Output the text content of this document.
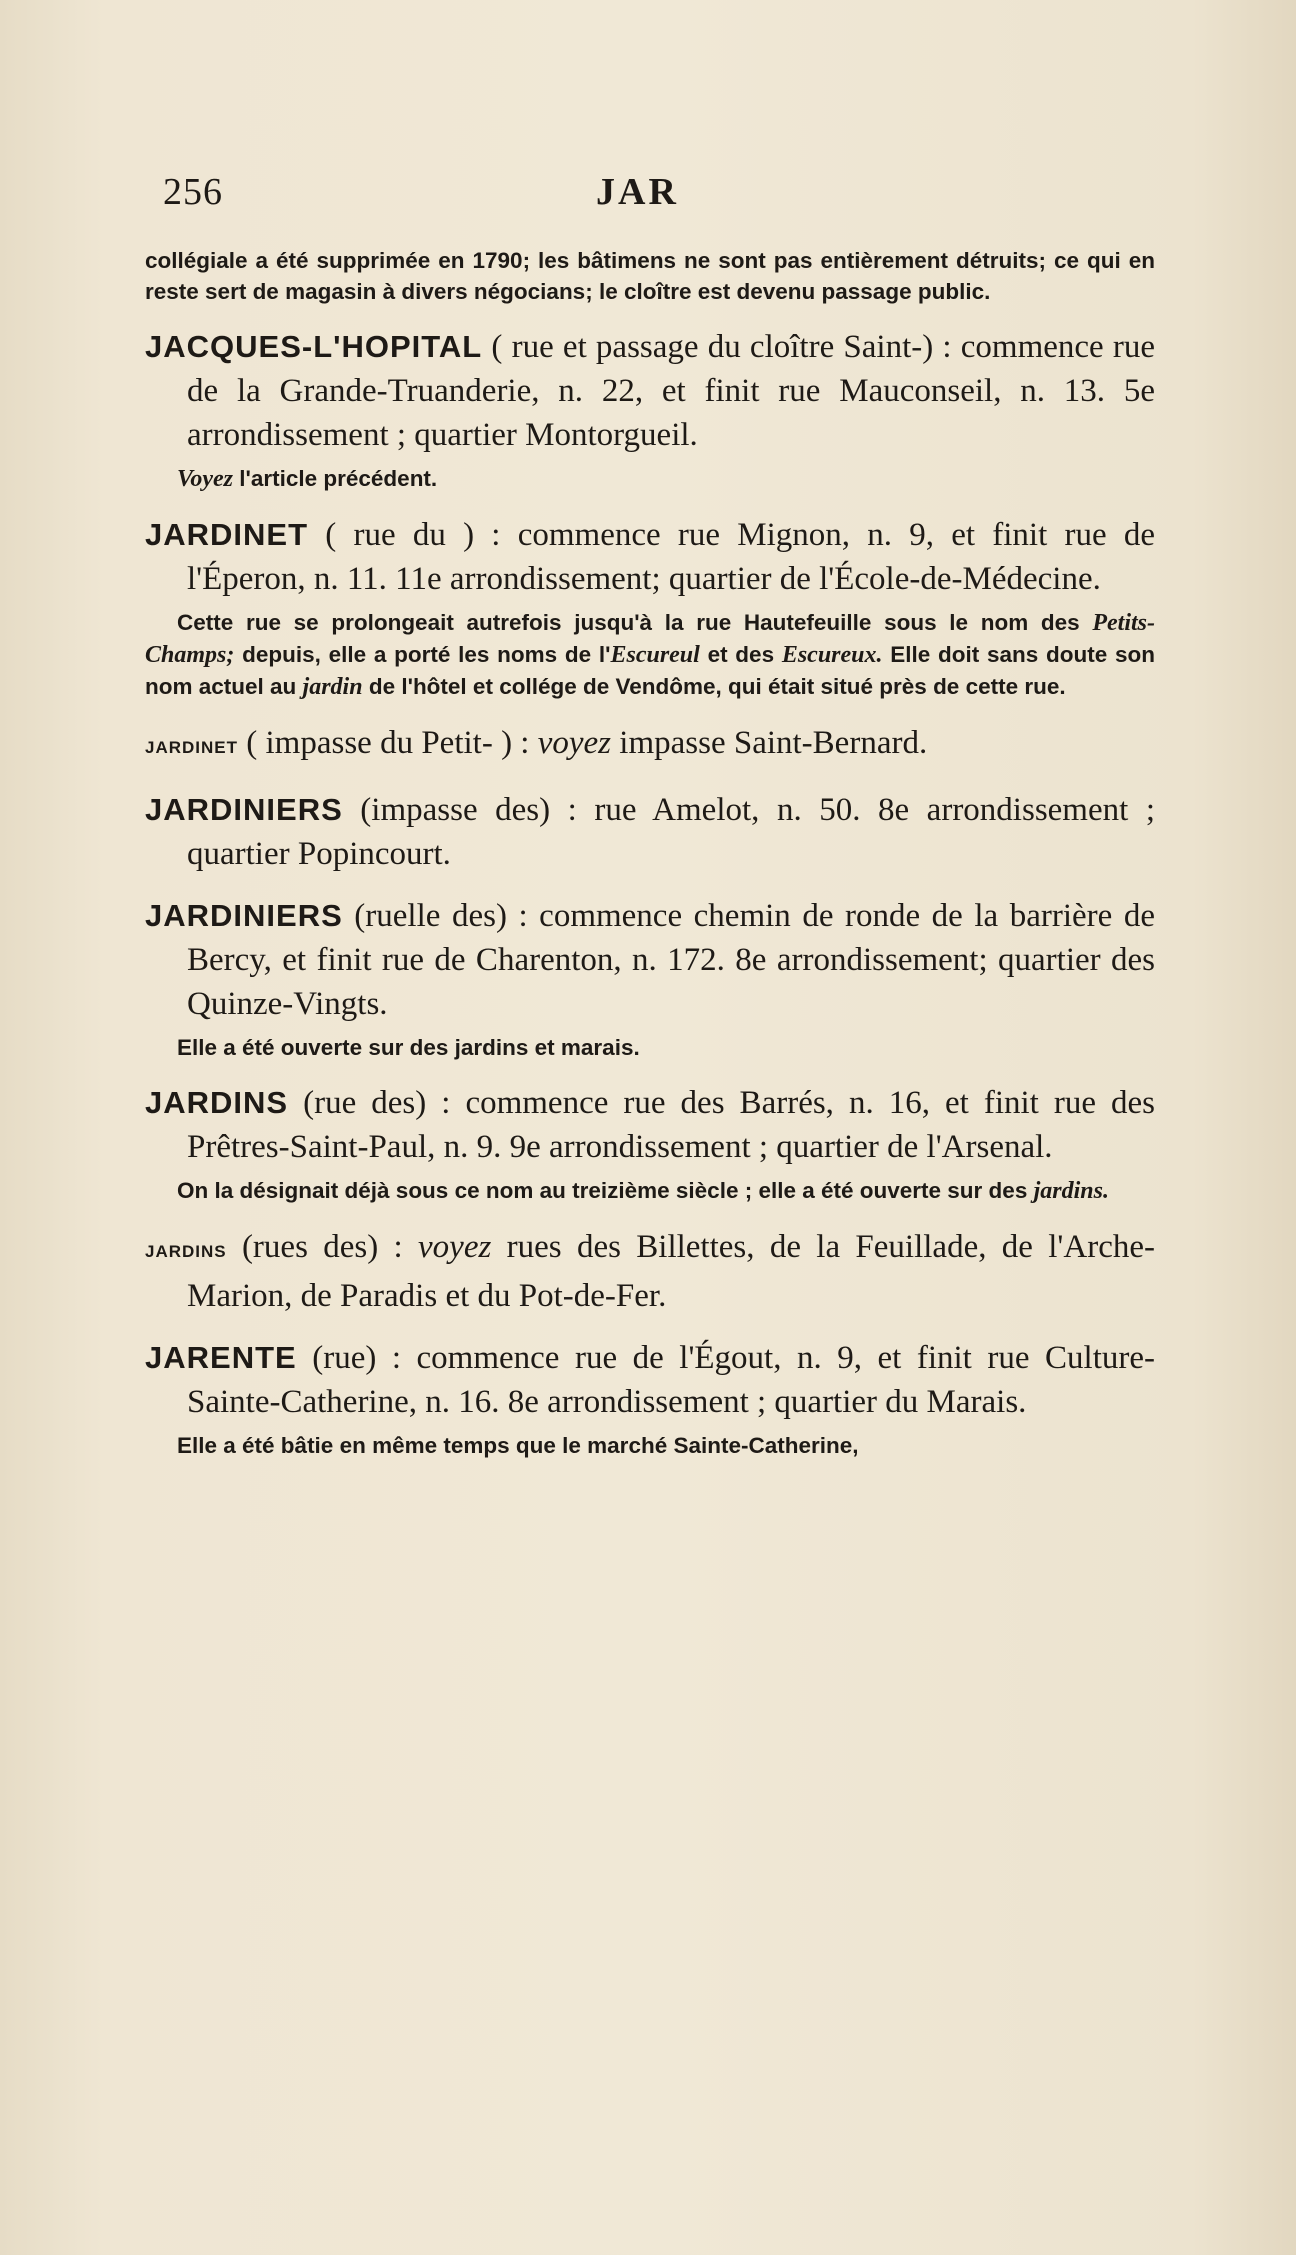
256	JAR

collégiale a été supprimée en 1790; les bâtimens ne sont pas entièrement détruits; ce qui en reste sert de magasin à divers négocians; le cloître est devenu passage public.

JACQUES-L'HOPITAL ( rue et passage du cloître Saint-) : commence rue de la Grande-Truanderie, n. 22, et finit rue Mauconseil, n. 13. 5e arrondissement ; quartier Montorgueil.

Voyez l'article précédent.

JARDINET ( rue du ) : commence rue Mignon, n. 9, et finit rue de l'Éperon, n. 11. 11e arrondissement; quartier de l'École-de-Médecine.

Cette rue se prolongeait autrefois jusqu'à la rue Hautefeuille sous le nom des Petits-Champs; depuis, elle a porté les noms de l'Escureul et des Escureux. Elle doit sans doute son nom actuel au jardin de l'hôtel et collége de Vendôme, qui était situé près de cette rue.

JARDINET ( impasse du Petit- ) : voyez impasse Saint-Bernard.

JARDINIERS (impasse des) : rue Amelot, n. 50. 8e arrondissement ; quartier Popincourt.

JARDINIERS (ruelle des) : commence chemin de ronde de la barrière de Bercy, et finit rue de Charenton, n. 172. 8e arrondissement; quartier des Quinze-Vingts.

Elle a été ouverte sur des jardins et marais.

JARDINS (rue des) : commence rue des Barrés, n. 16, et finit rue des Prêtres-Saint-Paul, n. 9. 9e arrondissement ; quartier de l'Arsenal.

On la désignait déjà sous ce nom au treizième siècle ; elle a été ouverte sur des jardins.

JARDINS (rues des) : voyez rues des Billettes, de la Feuillade, de l'Arche-Marion, de Paradis et du Pot-de-Fer.

JARENTE (rue) : commence rue de l'Égout, n. 9, et finit rue Culture-Sainte-Catherine, n. 16. 8e arrondissement ; quartier du Marais.

Elle a été bâtie en même temps que le marché Sainte-Catherine,
